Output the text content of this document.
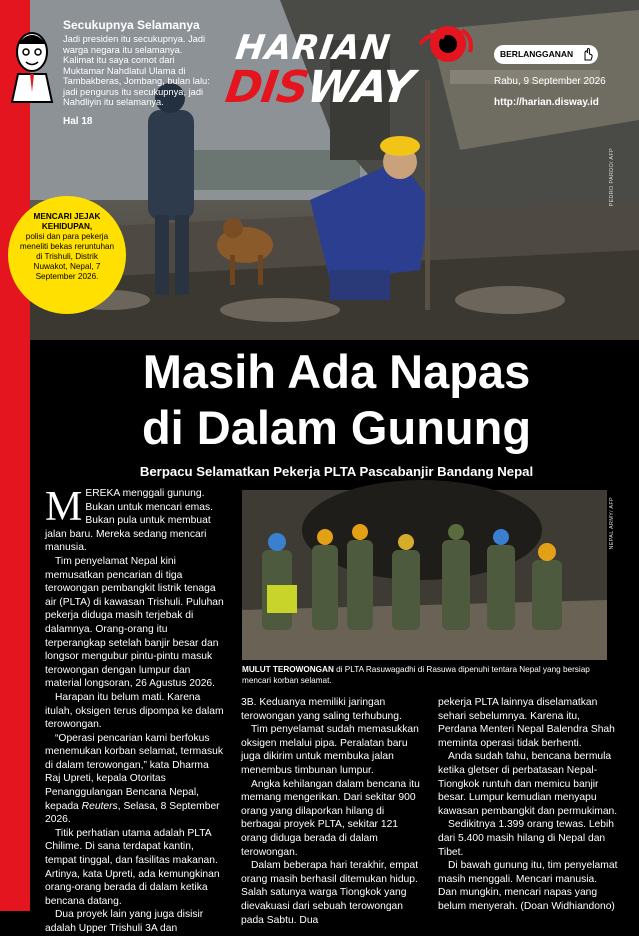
PEDRO PARDO/ AFP
Secukupnya Selamanya
Jadi presiden itu secukupnya. Jadi warga negara itu selamanya. Kalimat itu saya comot dari Muktamar Nahdlatul Ulama di Tambakberas, Jombang, bulan lalu: jadi pengurus itu secukupnya, jadi Nahdliyin itu selamanya.
Hal 18
HARIAN
DISWAY
BERLANGGANAN
Rabu, 9 September 2026
http://harian.disway.id
MENCARI JEJAK KEHIDUPAN,
polisi dan para pekerja meneliti bekas reruntuhan di Trishuli, Distrik Nuwakot, Nepal, 7 September 2026.
Masih Ada Napas
di Dalam Gunung
Berpacu Selamatkan Pekerja PLTA Pascabanjir Bandang Nepal

MEREKA menggali gunung. Bukan untuk mencari emas. Bukan pula untuk membuat jalan baru. Mereka sedang mencari manusia.

Tim penyelamat Nepal kini memusatkan pencarian di tiga terowongan pembangkit listrik tenaga air (PLTA) di kawasan Trishuli. Puluhan pekerja diduga masih terjebak di dalamnya. Orang-orang itu terperangkap setelah banjir besar dan longsor mengubur pintu-pintu masuk terowongan dengan lumpur dan material longsoran, 26 Agustus 2026.

Harapan itu belum mati. Karena itulah, oksigen terus dipompa ke dalam terowongan.

“Operasi pencarian kami berfokus menemukan korban selamat, termasuk di dalam terowongan,” kata Dharma Raj Upreti, kepala Otoritas Penanggulangan Bencana Nepal, kepada Reuters, Selasa, 8 September 2026.

Titik perhatian utama adalah PLTA Chilime. Di sana terdapat kantin, tempat tinggal, dan fasilitas makanan. Artinya, kata Upreti, ada kemungkinan orang-orang berada di dalam ketika bencana datang.

Dua proyek lain yang juga disisir adalah Upper Trishuli 3A dan

NEPAL ARMY/ AFP
MULUT TEROWONGAN di PLTA Rasuwagadhi di Rasuwa dipenuhi tentara Nepal yang bersiap mencari korban selamat.

3B. Keduanya memiliki jaringan terowongan yang saling terhubung.

Tim penyelamat sudah memasukkan oksigen melalui pipa. Peralatan baru juga dikirim untuk membuka jalan menembus timbunan lumpur.

Angka kehilangan dalam bencana itu memang mengerikan. Dari sekitar 900 orang yang dilaporkan hilang di berbagai proyek PLTA, sekitar 121 orang diduga berada di dalam terowongan.

Dalam beberapa hari terakhir, empat orang masih berhasil ditemukan hidup. Salah satunya warga Tiongkok yang dievakuasi dari sebuah terowongan pada Sabtu. Dua

pekerja PLTA lainnya diselamatkan sehari sebelumnya. Karena itu, Perdana Menteri Nepal Balendra Shah meminta operasi tidak berhenti.

Anda sudah tahu, bencana bermula ketika gletser di perbatasan Nepal-Tiongkok runtuh dan memicu banjir besar. Lumpur kemudian menyapu kawasan pembangkit dan permukiman.

Sedikitnya 1.399 orang tewas. Lebih dari 5.400 masih hilang di Nepal dan Tibet.

Di bawah gunung itu, tim penyelamat masih menggali. Mencari manusia. Dan mungkin, mencari napas yang belum menyerah. (Doan Widhiandono)
